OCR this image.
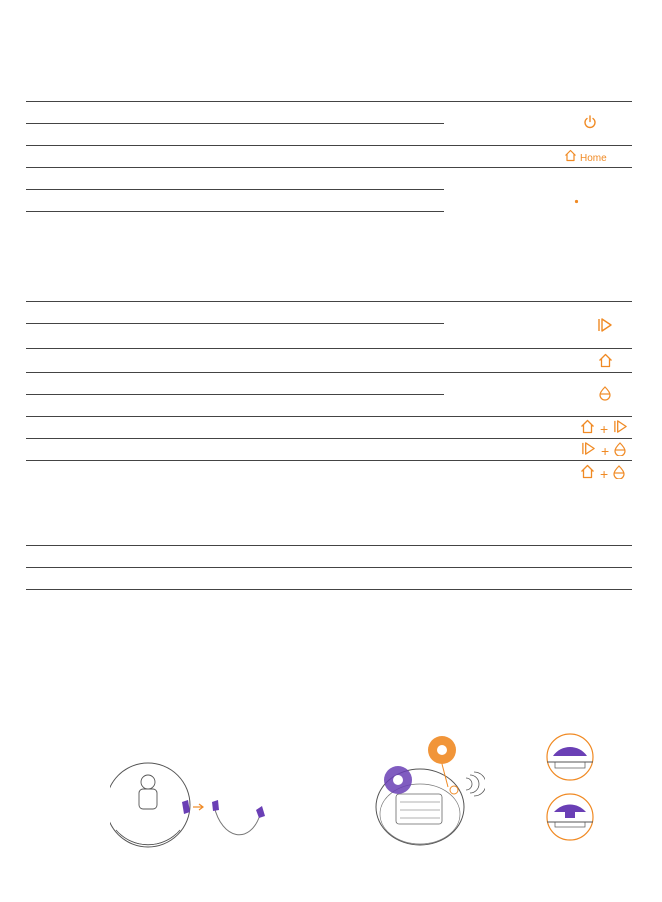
Home
+
+
+
